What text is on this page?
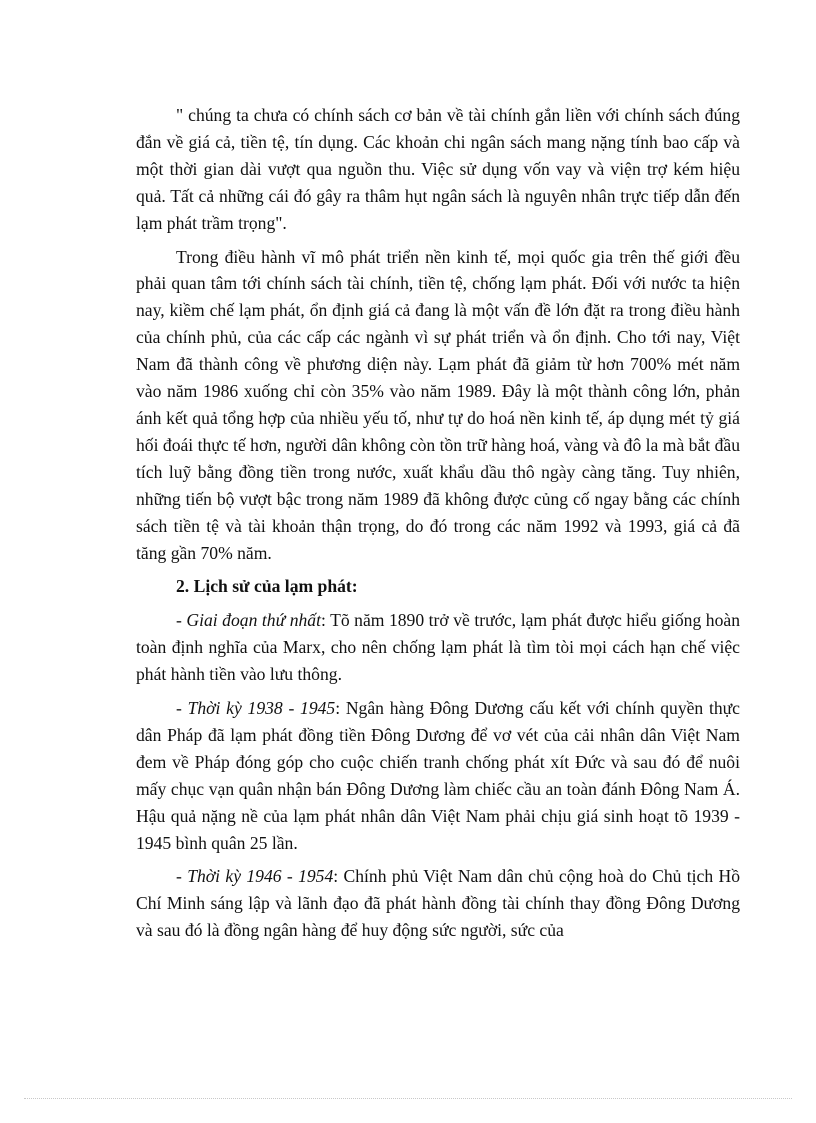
" chúng ta chưa có chính sách cơ bản về tài chính gắn liền với chính sách đúng đắn về giá cả, tiền tệ, tín dụng. Các khoản chi ngân sách mang nặng tính bao cấp và một thời gian dài vượt qua nguồn thu. Việc sử dụng vốn vay và viện trợ kém hiệu quả. Tất cả những cái đó gây ra thâm hụt ngân sách là nguyên nhân trực tiếp dẫn đến lạm phát trầm trọng".

Trong điều hành vĩ mô phát triển nền kinh tế, mọi quốc gia trên thế giới đều phải quan tâm tới chính sách tài chính, tiền tệ, chống lạm phát. Đối với nước ta hiện nay, kiềm chế lạm phát, ổn định giá cả đang là một vấn đề lớn đặt ra trong điều hành của chính phủ, của các cấp các ngành vì sự phát triển và ổn định. Cho tới nay, Việt Nam đã thành công về phương diện này. Lạm phát đã giảm từ hơn 700% mét năm vào năm 1986 xuống chỉ còn 35% vào năm 1989. Đây là một thành công lớn, phản ánh kết quả tổng hợp của nhiều yếu tố, như tự do hoá nền kinh tế, áp dụng mét tỷ giá hối đoái thực tế hơn, người dân không còn tồn trữ hàng hoá, vàng và đô la mà bắt đầu tích luỹ bằng đồng tiền trong nước, xuất khẩu dầu thô ngày càng tăng. Tuy nhiên, những tiến bộ vượt bậc trong năm 1989 đã không được củng cố ngay bằng các chính sách tiền tệ và tài khoản thận trọng, do đó trong các năm 1992 và 1993, giá cả đã tăng gần 70% năm.

2. Lịch sử của lạm phát:

- Giai đoạn thứ nhất: Tõ năm 1890 trở về trước, lạm phát được hiểu giống hoàn toàn định nghĩa của Marx, cho nên chống lạm phát là tìm tòi mọi cách hạn chế việc phát hành tiền vào lưu thông.

- Thời kỳ 1938 - 1945: Ngân hàng Đông Dương cấu kết với chính quyền thực dân Pháp đã lạm phát đồng tiền Đông Dương để vơ vét của cải nhân dân Việt Nam đem về Pháp đóng góp cho cuộc chiến tranh chống phát xít Đức và sau đó để nuôi mấy chục vạn quân nhận bán Đông Dương làm chiếc cầu an toàn đánh Đông Nam Á. Hậu quả nặng nề của lạm phát nhân dân Việt Nam phải chịu giá sinh hoạt tõ 1939 - 1945 bình quân 25 lần.

- Thời kỳ 1946 - 1954: Chính phủ Việt Nam dân chủ cộng hoà do Chủ tịch Hồ Chí Minh sáng lập và lãnh đạo đã phát hành đồng tài chính thay đồng Đông Dương và sau đó là đồng ngân hàng để huy động sức người, sức của
